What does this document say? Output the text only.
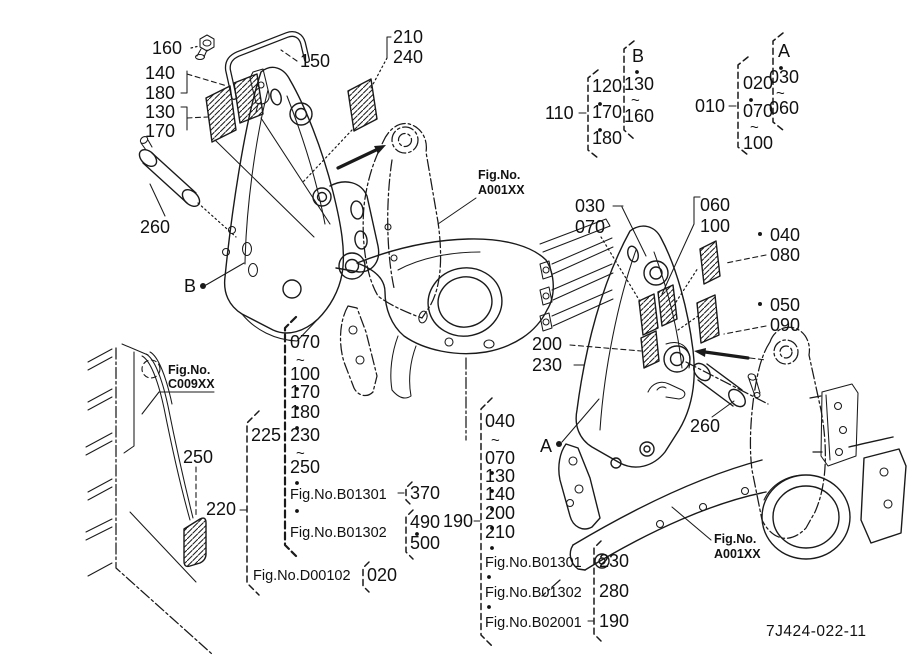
160
140
180
130
170
150
210
240
260
B
Fig.No.
A001XX
110
120
170
180
B
130
~
160 010
020
070
~
100
A
030
~
060
030
070
060
100 040
080
050
090
200
230
A
260
Fig.No.
A001XX
Fig.No.
C009XX
250
220
225
070
~
100
170
180
230
~
250
Fig.No.B01301 370
Fig.No.B01302
490
500
Fig.No.D00102 020
190
040
~
070
130
140
200
210
Fig.No.B01301 230
Fig.No.B01302 280
Fig.No.B02001 190
7J424-022-11
